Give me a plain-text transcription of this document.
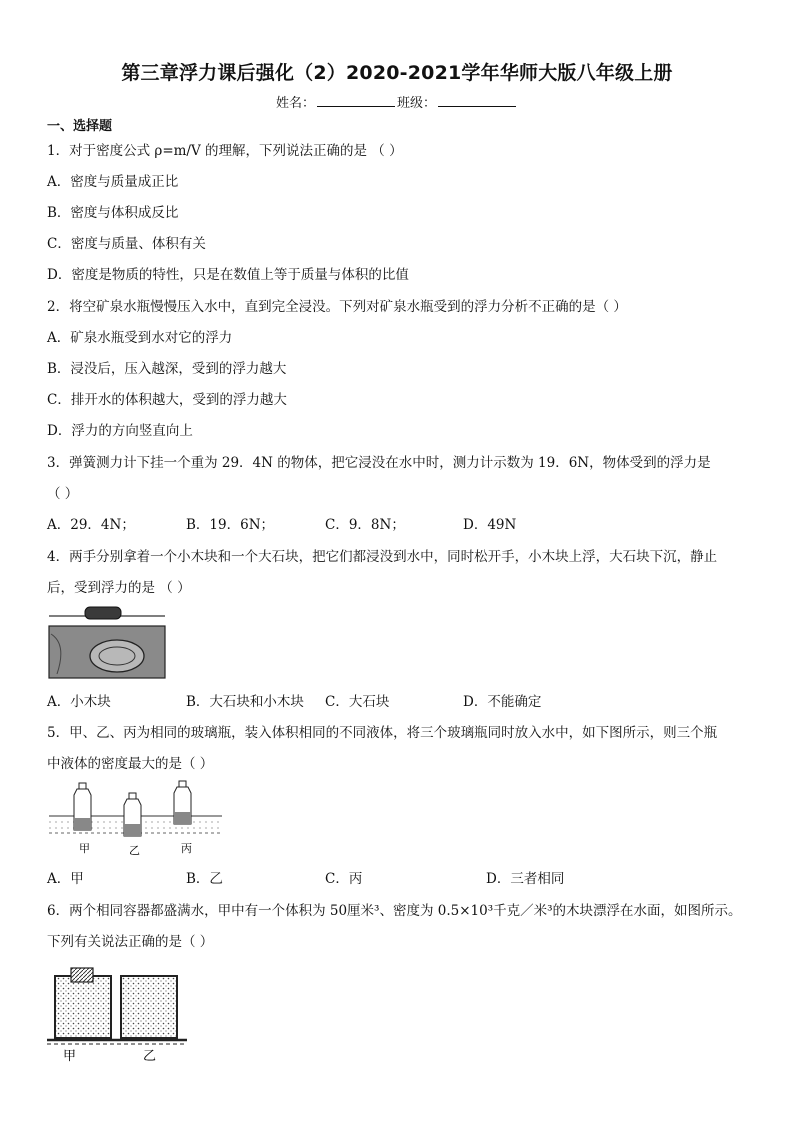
第三章浮力课后强化（2）2020-2021学年华师大版八年级上册
姓名：	班级：
一、选择题
1．对于密度公式 ρ=m/V 的理解，下列说法正确的是 （ ）
A．密度与质量成正比
B．密度与体积成反比
C．密度与质量、体积有关
D．密度是物质的特性，只是在数值上等于质量与体积的比值
2．将空矿泉水瓶慢慢压入水中，直到完全浸没。下列对矿泉水瓶受到的浮力分析不正确的是（ ）
A．矿泉水瓶受到水对它的浮力
B．浸没后，压入越深，受到的浮力越大
C．排开水的体积越大，受到的浮力越大
D．浮力的方向竖直向上
3．弹簧测力计下挂一个重为 29．4N 的物体，把它浸没在水中时，测力计示数为 19．6N，物体受到的浮力是
（ ）
A．29．4N；	B．19．6N；	C．9．8N；	D．49N
4．两手分别拿着一个小木块和一个大石块，把它们都浸没到水中，同时松开手，小木块上浮，大石块下沉，静止
后，受到浮力的是 （ ）
A．小木块	B．大石块和小木块 C．大石块	D．不能确定
5．甲、乙、丙为相同的玻璃瓶，装入体积相同的不同液体，将三个玻璃瓶同时放入水中，如下图所示，则三个瓶
中液体的密度最大的是（ ）
甲	乙	丙
A．甲	B．乙	C．丙	D．三者相同
6．两个相同容器都盛满水，甲中有一个体积为 50厘米³、密度为 0.5×10³千克／米³的木块漂浮在水面，如图所示。
下列有关说法正确的是（ ）
甲	乙
